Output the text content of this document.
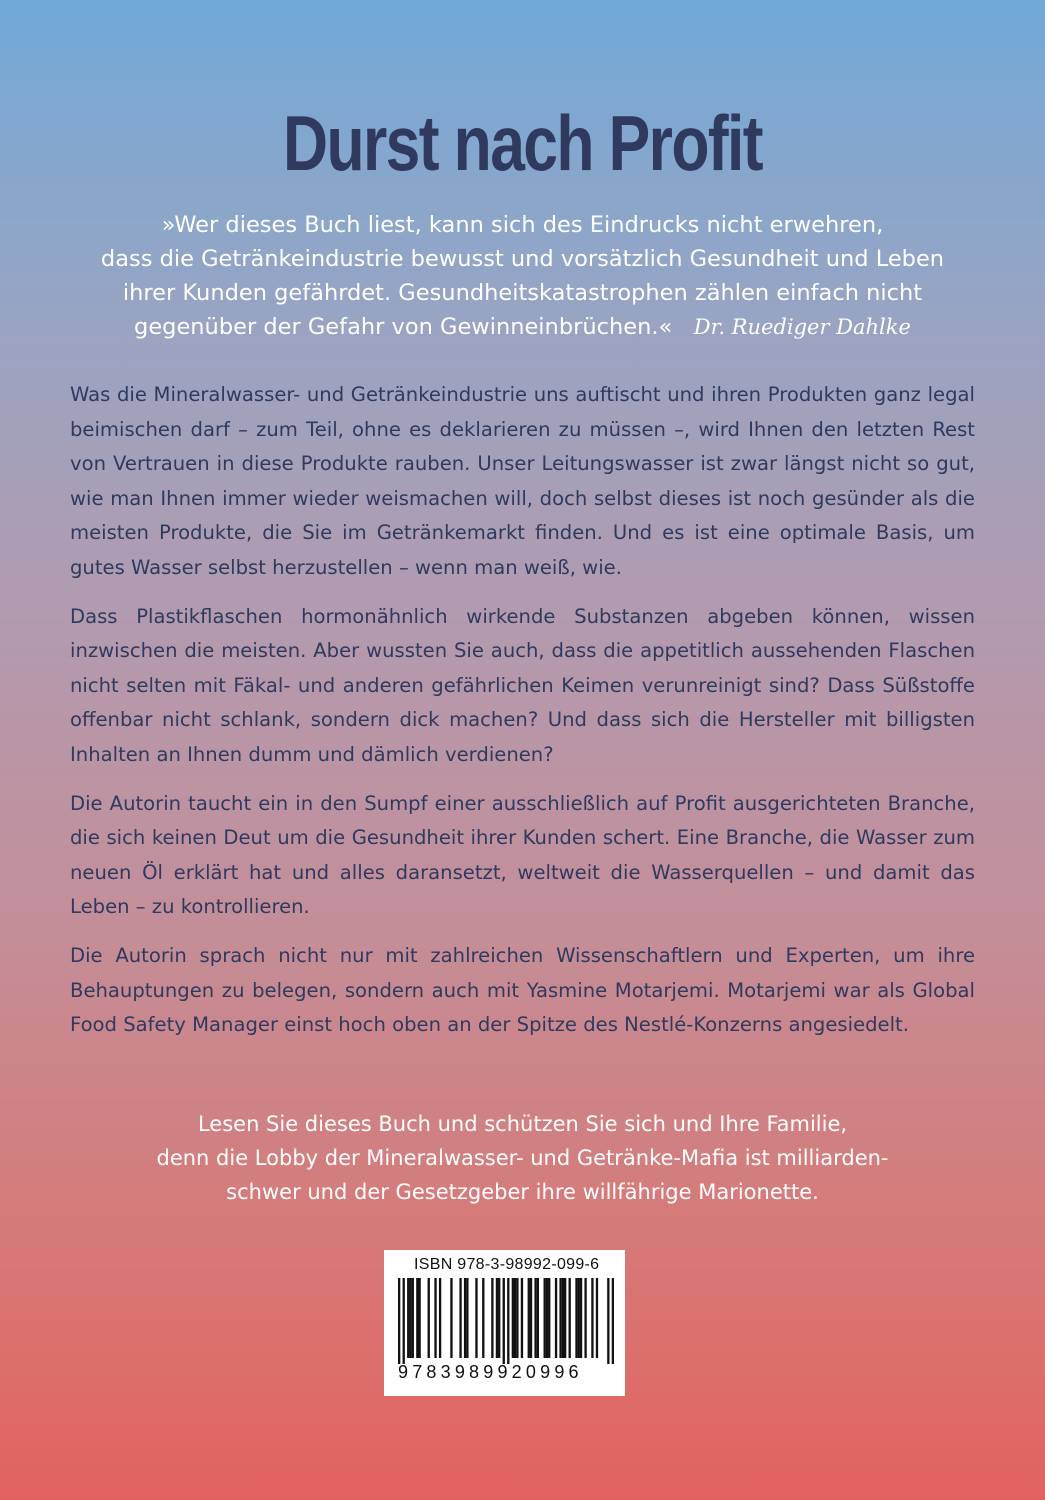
Durst nach Profit
»Wer dieses Buch liest, kann sich des Eindrucks nicht erwehren,
dass die Getränkeindustrie bewusst und vorsätzlich Gesundheit und Leben
ihrer Kunden gefährdet. Gesundheitskatastrophen zählen einfach nicht
gegenüber der Gefahr von Gewinneinbrüchen.« Dr. Ruediger Dahlke

Was die Mineralwasser- und Getränkeindustrie uns auftischt und ihren Produkten ganz legal beimischen darf – zum Teil, ohne es deklarieren zu müssen –, wird Ihnen den letzten Rest von Vertrauen in diese Produkte rauben. Unser Leitungswasser ist zwar längst nicht so gut, wie man Ihnen immer wieder weismachen will, doch selbst dieses ist noch gesünder als die meisten Produkte, die Sie im Getränkemarkt finden. Und es ist eine optimale Basis, um gutes Wasser selbst herzustellen – wenn man weiß, wie.

Dass Plastikflaschen hormonähnlich wirkende Substanzen abgeben können, wissen inzwischen die meisten. Aber wussten Sie auch, dass die appetitlich aussehenden Flaschen nicht selten mit Fäkal- und anderen gefährlichen Keimen verunreinigt sind? Dass Süßstoffe offenbar nicht schlank, sondern dick machen? Und dass sich die Hersteller mit billigsten Inhalten an Ihnen dumm und dämlich verdienen?

Die Autorin taucht ein in den Sumpf einer ausschließlich auf Profit ausgerichteten Branche, die sich keinen Deut um die Gesundheit ihrer Kunden schert. Eine Branche, die Wasser zum neuen Öl erklärt hat und alles daransetzt, weltweit die Wasserquellen – und damit das Leben – zu kontrollieren.

Die Autorin sprach nicht nur mit zahlreichen Wissenschaftlern und Experten, um ihre Behauptungen zu belegen, sondern auch mit Yasmine Motarjemi. Motarjemi war als Global Food Safety Manager einst hoch oben an der Spitze des Nestlé-Konzerns angesiedelt.

Lesen Sie dieses Buch und schützen Sie sich und Ihre Familie,
denn die Lobby der Mineralwasser- und Getränke-Mafia ist milliarden-
schwer und der Gesetzgeber ihre willfährige Marionette.
ISBN 978-3-98992-099-6
9783989920996
